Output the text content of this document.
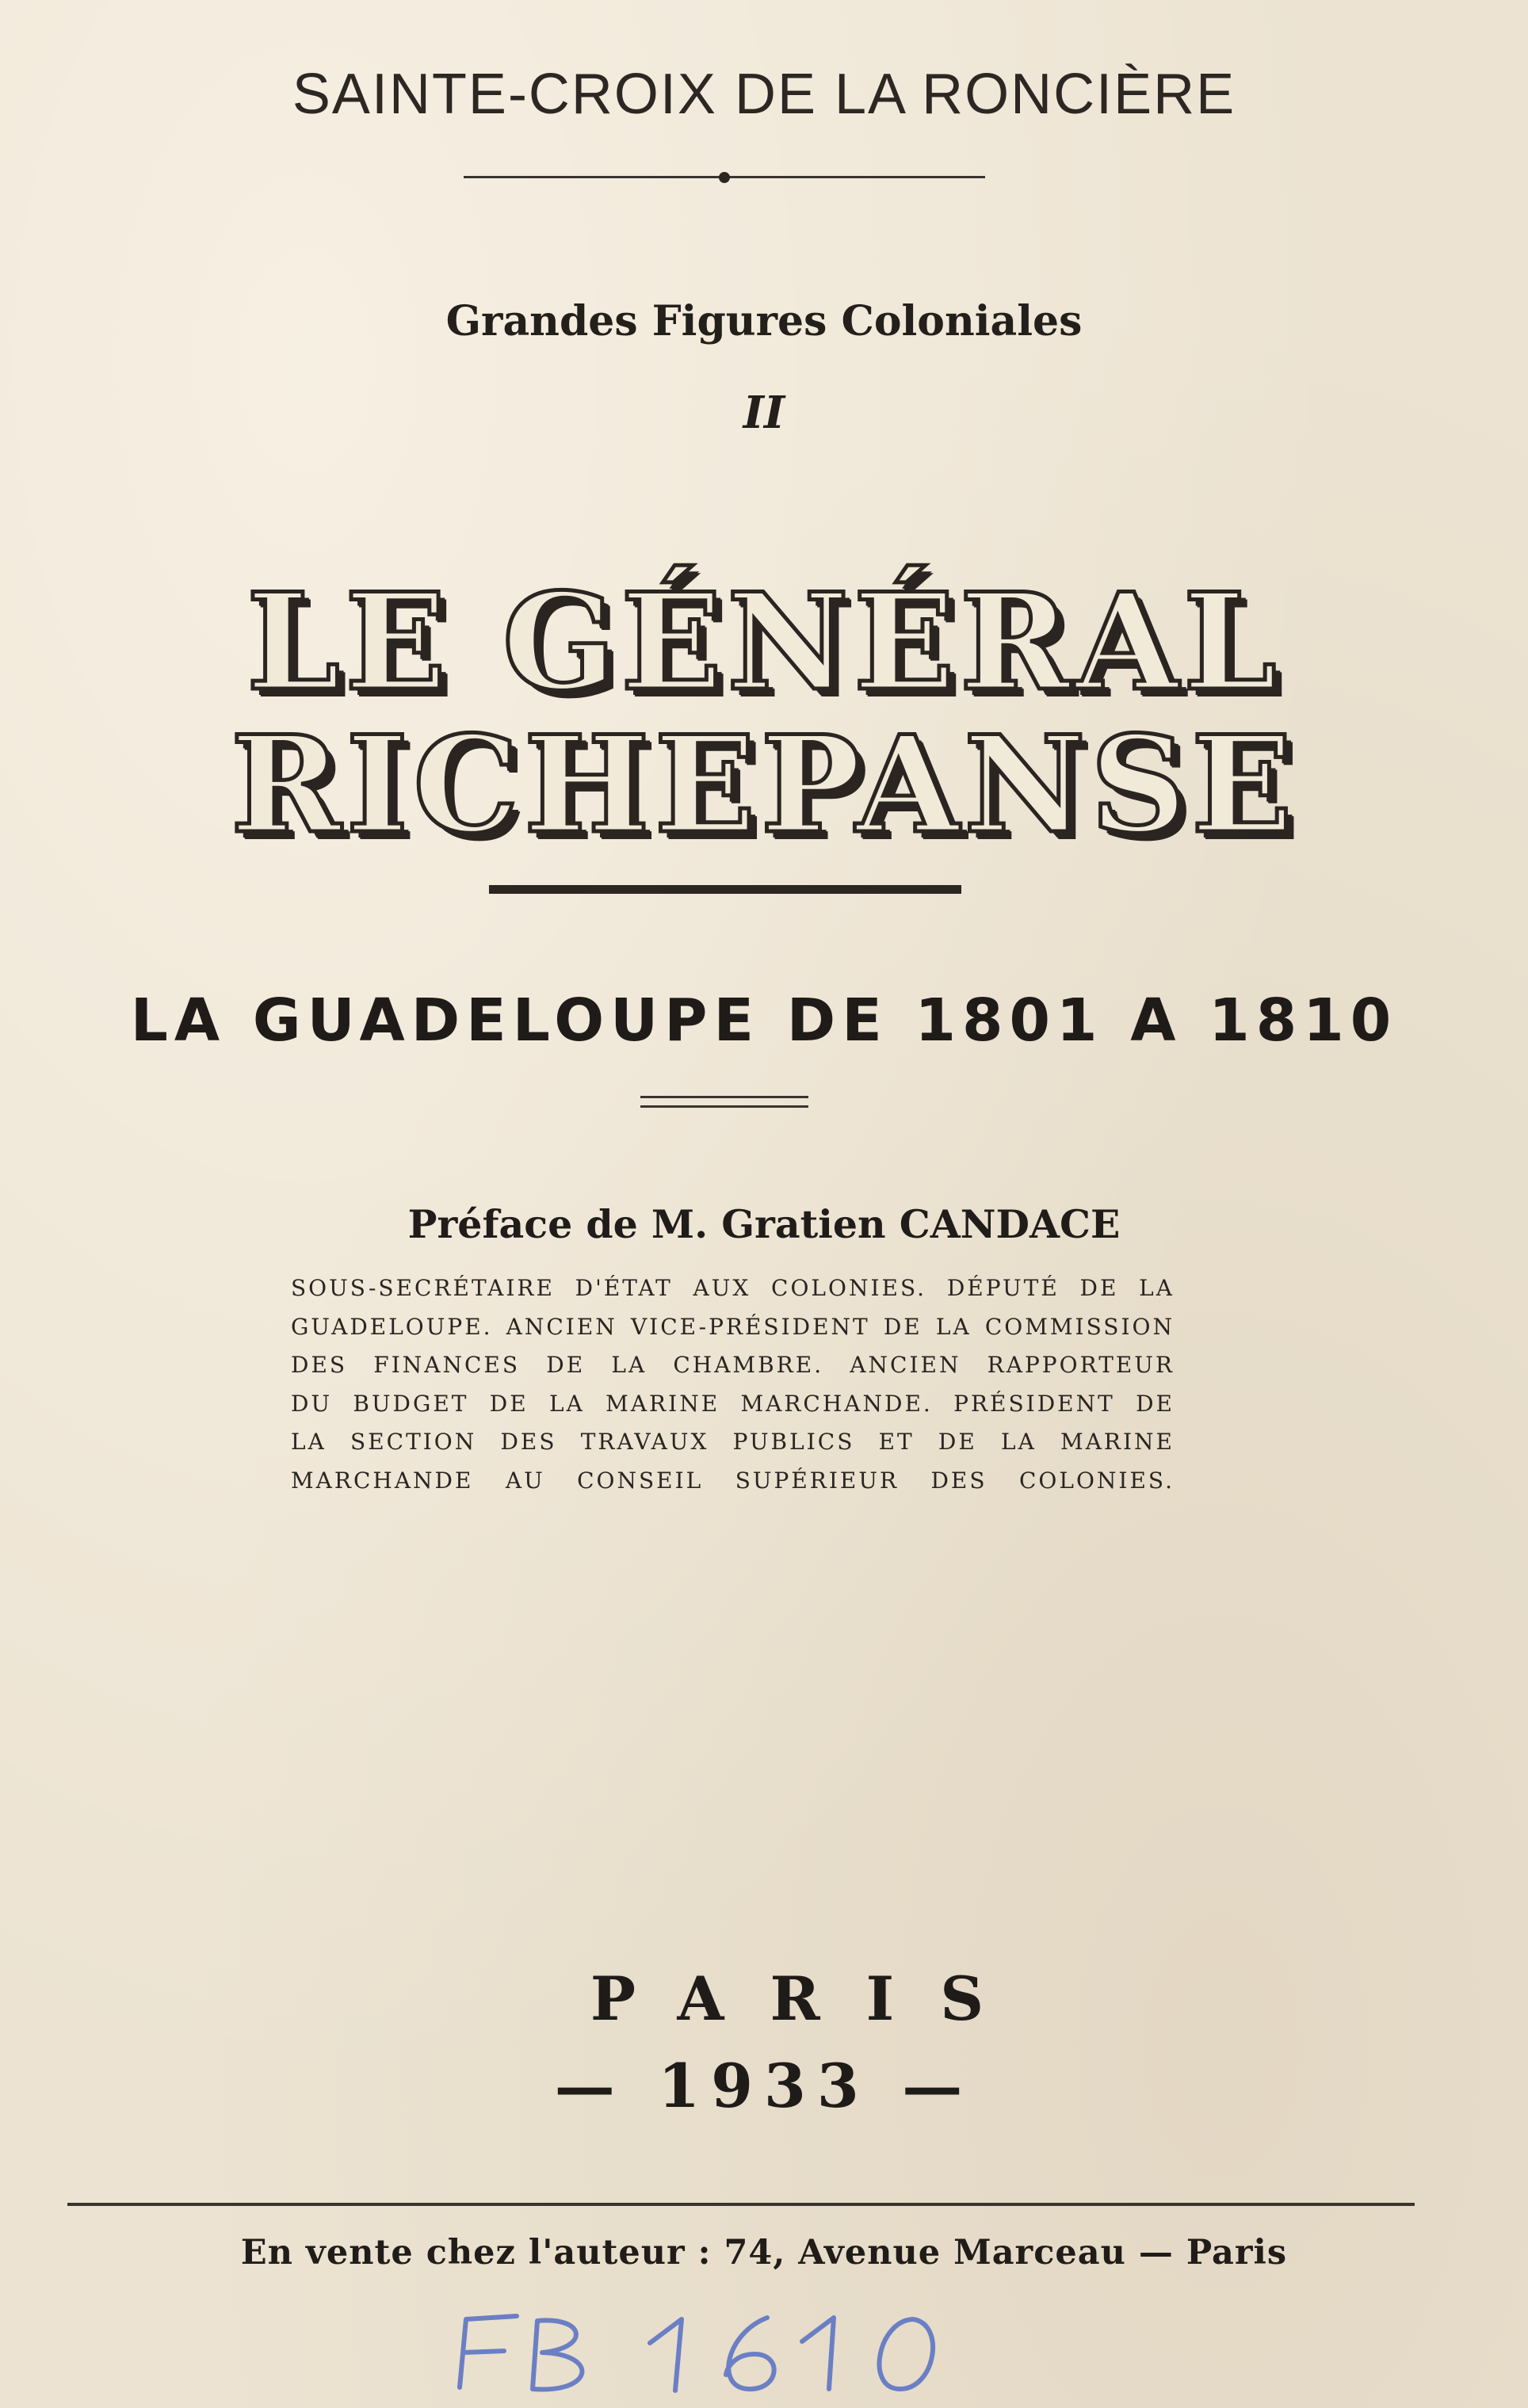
SAINTE-CROIX DE LA RONCIÈRE
Grandes Figures Coloniales
II
LE GÉNÉRAL
RICHEPANSE
LA GUADELOUPE DE 1801 A 1810
Préface de M. Gratien CANDACE
SOUS-SECRÉTAIRE D'ÉTAT AUX COLONIES. DÉPUTÉ DE LA
GUADELOUPE. ANCIEN VICE-PRÉSIDENT DE LA COMMISSION
DES FINANCES DE LA CHAMBRE. ANCIEN RAPPORTEUR
DU BUDGET DE LA MARINE MARCHANDE. PRÉSIDENT DE
LA SECTION DES TRAVAUX PUBLICS ET DE LA MARINE
MARCHANDE AU CONSEIL SUPÉRIEUR DES COLONIES.
PARIS
— 1933 —
En vente chez l'auteur : 74, Avenue Marceau — Paris
